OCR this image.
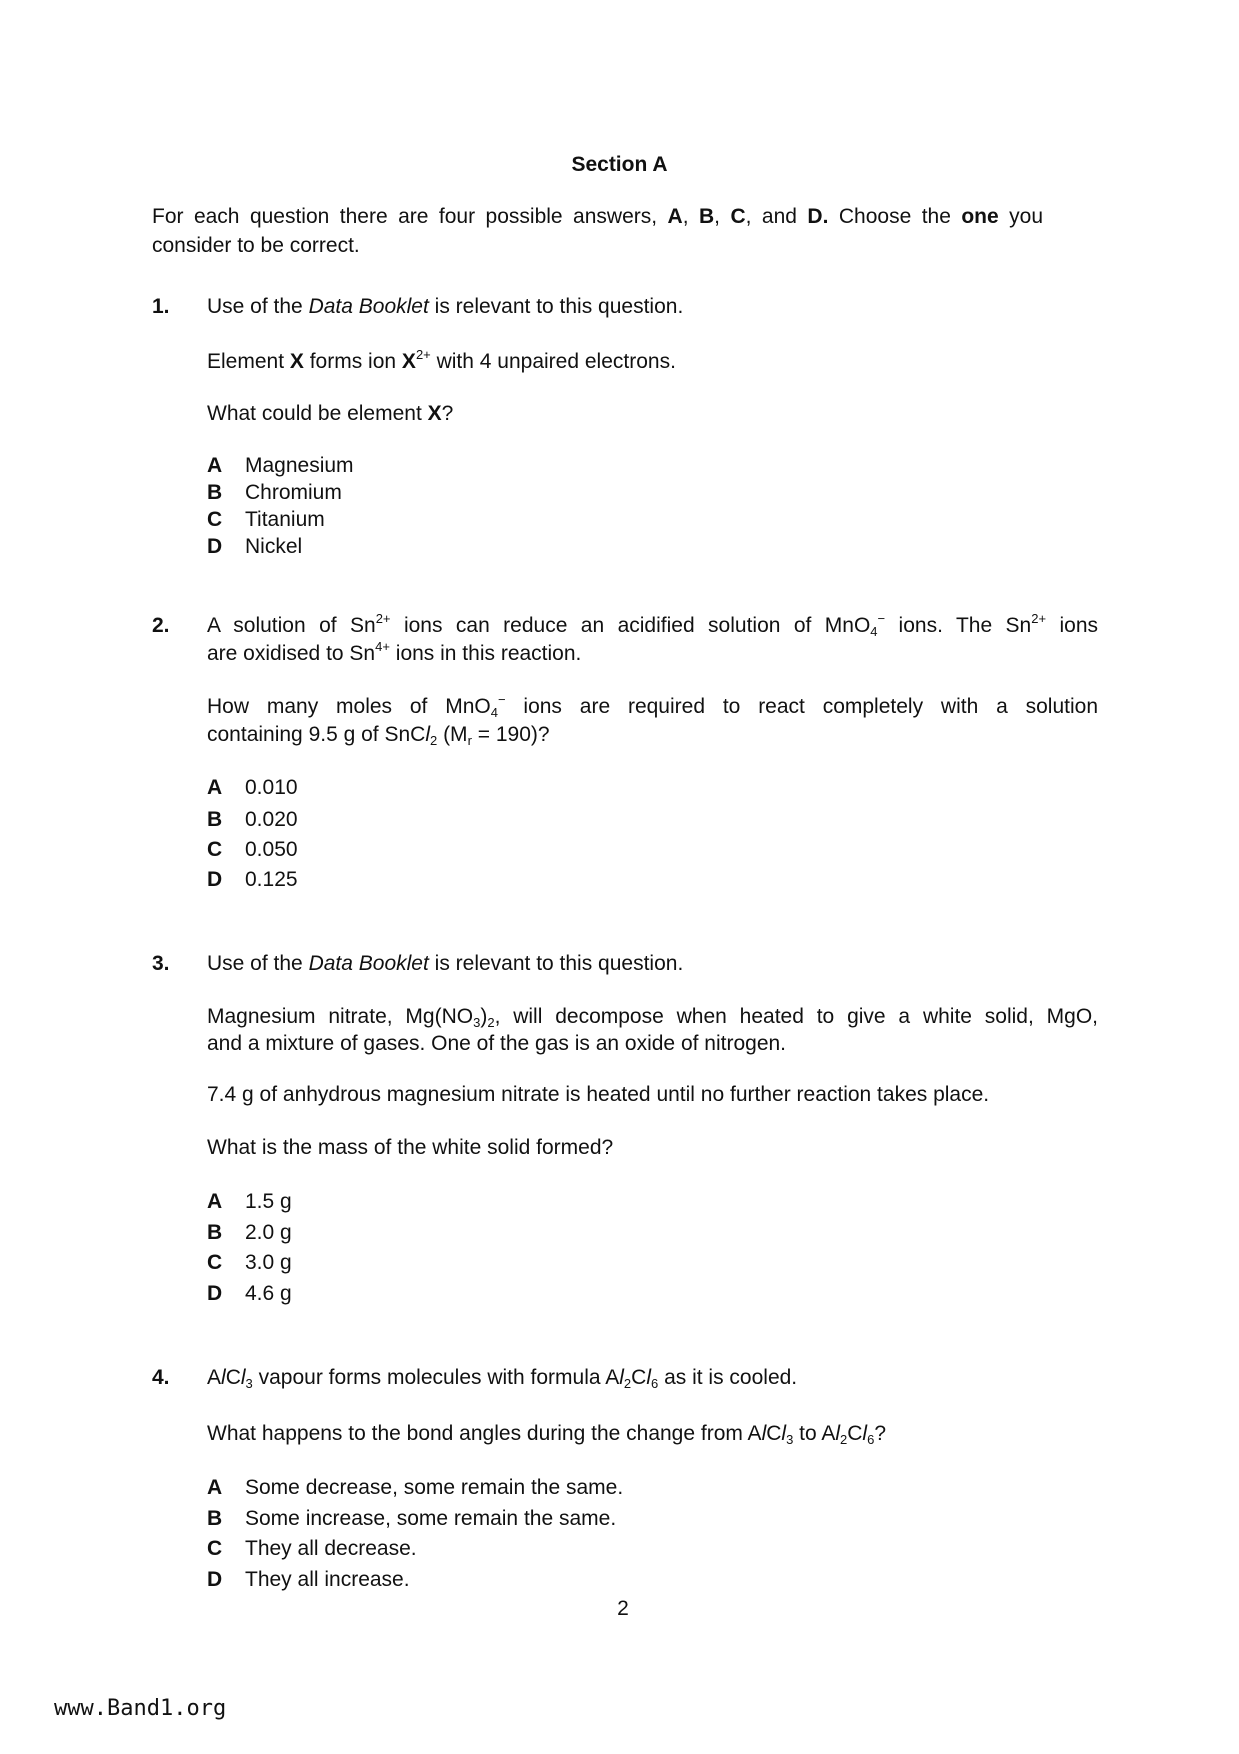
Section A
For each question there are four possible answers, A, B, C, and D. Choose the one you
consider to be correct.
1. Use of the Data Booklet is relevant to this question.
Element X forms ion $X^{2+}$ with 4 unpaired electrons.
What could be element X?
A Magnesium
B Chromium
C Titanium
D Nickel
2. A solution of $Sn^{2+}$ ions can reduce an acidified solution of MnO$_4$− ions. The $Sn^{2+}$ ions
are oxidised to $Sn^{4+}$ ions in this reaction.
How many moles of MnO$_4$− ions are required to react completely with a solution
containing 9.5 g of SnCl$_2$ $(M_r = 190)$?
A 0.010
B 0.020
C 0.050
D 0.125
3. Use of the Data Booklet is relevant to this question.
Magnesium nitrate, $Mg(NO_3)_2$, will decompose when heated to give a white solid, MgO,
and a mixture of gases. One of the gas is an oxide of nitrogen.
7.4 g of anhydrous magnesium nitrate is heated until no further reaction takes place.
What is the mass of the white solid formed?
A 1.5 g
B 2.0 g
C 3.0 g
D 4.6 g
4. AlCl$_3$ vapour forms molecules with formula $Al_2Cl_6$ as it is cooled.
What happens to the bond angles during the change from AlCl$_3$ to $Al_2Cl_6$?
A Some decrease, some remain the same.
B Some increase, some remain the same.
C They all decrease.
D They all increase.
2
www.Band1.org
